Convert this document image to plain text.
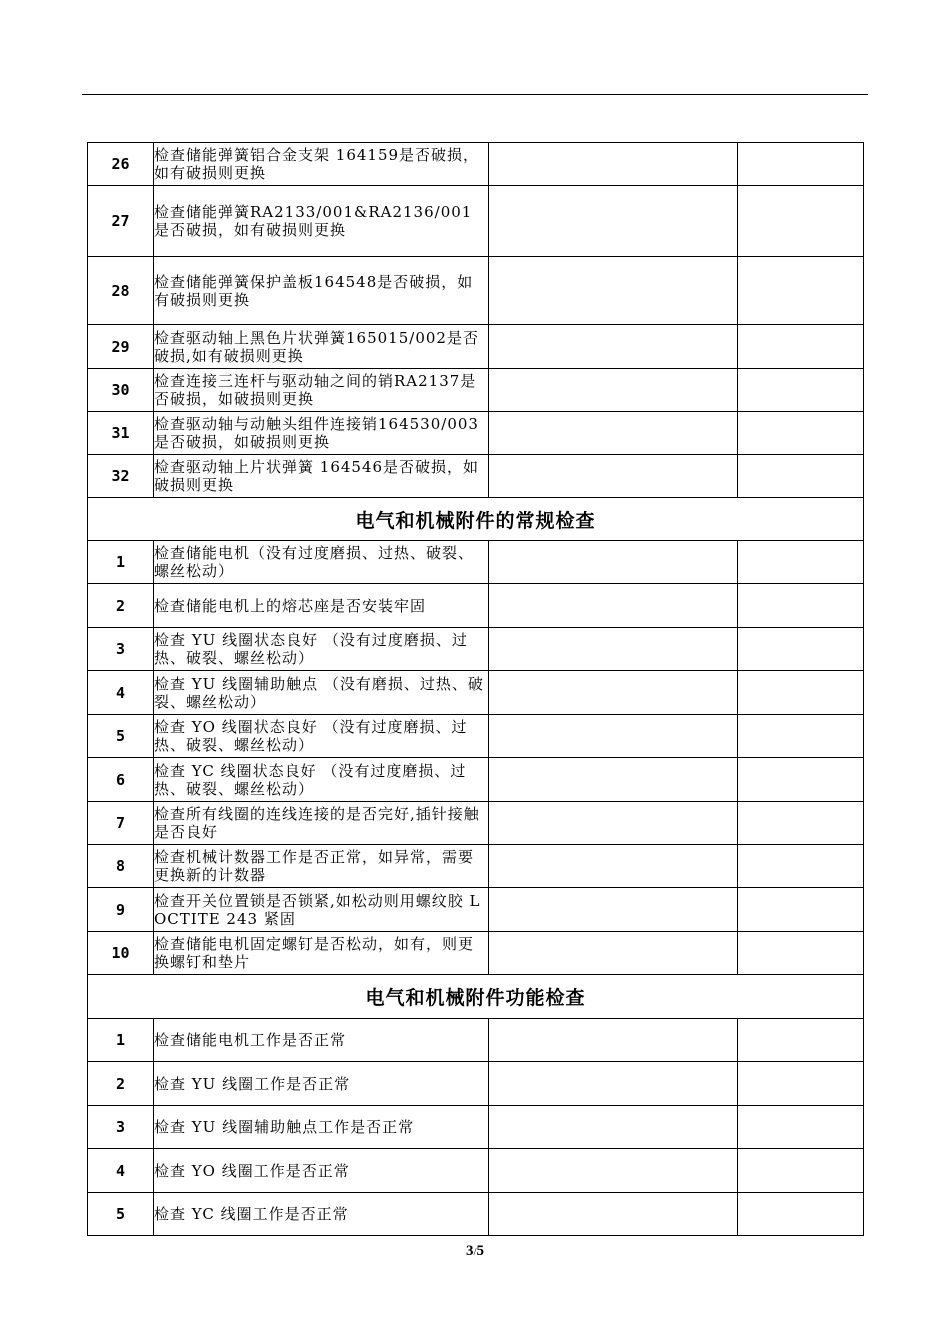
26	检查储能弹簧铝合金支架 164159是否破损，如有破损则更换		
27	检查储能弹簧RA2133/001&RA2136/001是否破损，如有破损则更换		
28	检查储能弹簧保护盖板164548是否破损，如有破损则更换		
29	检查驱动轴上黑色片状弹簧165015/002是否破损,如有破损则更换		
30	检查连接三连杆与驱动轴之间的销RA2137是否破损，如破损则更换		
31	检查驱动轴与动触头组件连接销164530/003是否破损，如破损则更换		
32	检查驱动轴上片状弹簧 164546是否破损，如破损则更换		
电气和机械附件的常规检查			
1	检查储能电机（没有过度磨损、过热、破裂、螺丝松动）		
2	检查储能电机上的熔芯座是否安装牢固		
3	检查 YU 线圈状态良好 （没有过度磨损、过热、破裂、螺丝松动）		
4	检查 YU 线圈辅助触点 （没有磨损、过热、破裂、螺丝松动）		
5	检查 YO 线圈状态良好 （没有过度磨损、过热、破裂、螺丝松动）		
6	检查 YC 线圈状态良好 （没有过度磨损、过热、破裂、螺丝松动）		
7	检查所有线圈的连线连接的是否完好,插针接触是否良好		
8	检查机械计数器工作是否正常，如异常，需要更换新的计数器		
9	检查开关位置锁是否锁紧,如松动则用螺纹胶 LOCTITE 243 紧固		
10	检查储能电机固定螺钉是否松动，如有，则更换螺钉和垫片		
电气和机械附件功能检查			
1	检查储能电机工作是否正常		
2	检查 YU 线圈工作是否正常		
3	检查 YU 线圈辅助触点工作是否正常		
4	检查 YO 线圈工作是否正常		
5	检查 YC 线圈工作是否正常		
3/5
